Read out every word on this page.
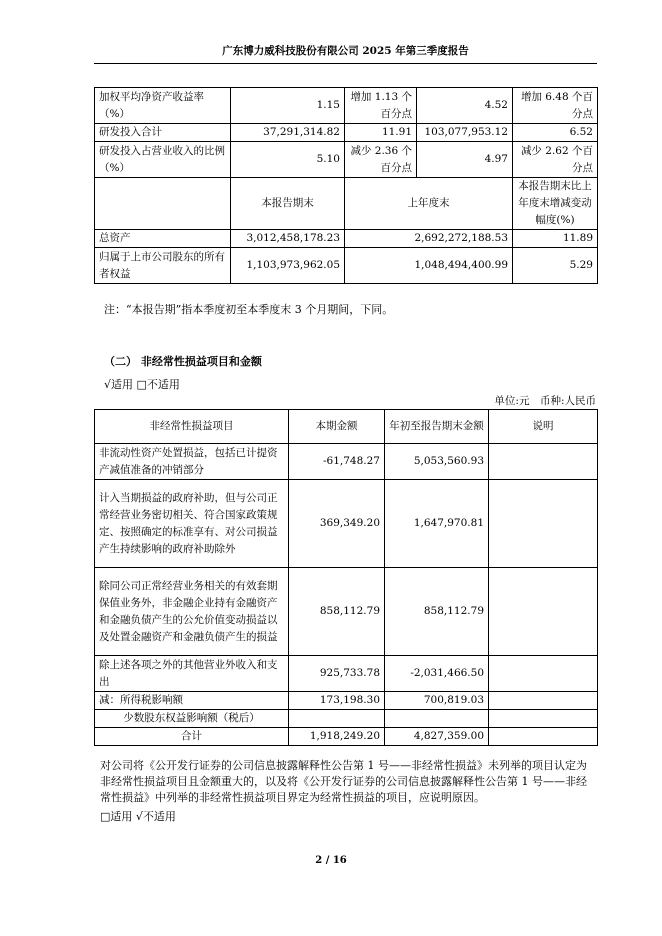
广东博力威科技股份有限公司 2025 年第三季度报告
加权平均净资产收益率（%）	1.15	增加 1.13 个百分点	4.52	增加 6.48 个百分点
研发投入合计	37,291,314.82	11.91	103,077,953.12	6.52
研发投入占营业收入的比例（%）	5.10	减少 2.36 个百分点	4.97	减少 2.62 个百分点
	本报告期末	上年度末		本报告期末比上年度末增减变动幅度(%)
总资产	3,012,458,178.23	2,692,272,188.53		11.89
归属于上市公司股东的所有者权益	1,103,973,962.05	1,048,494,400.99		5.29
注：“本报告期”指本季度初至本季度末 3 个月期间，下同。
（二） 非经常性损益项目和金额
√适用 □不适用
单位:元　币种:人民币
非经常性损益项目	本期金额	年初至报告期末金额	说明
非流动性资产处置损益，包括已计提资产减值准备的冲销部分	-61,748.27	5,053,560.93	
计入当期损益的政府补助，但与公司正常经营业务密切相关、符合国家政策规定、按照确定的标准享有、对公司损益产生持续影响的政府补助除外	369,349.20	1,647,970.81	
除同公司正常经营业务相关的有效套期保值业务外，非金融企业持有金融资产和金融负债产生的公允价值变动损益以及处置金融资产和金融负债产生的损益	858,112.79	858,112.79	
除上述各项之外的其他营业外收入和支出	925,733.78	-2,031,466.50	
减：所得税影响额	173,198.30	700,819.03	
少数股东权益影响额（税后）			
合计	1,918,249.20	4,827,359.00	
对公司将《公开发行证券的公司信息披露解释性公告第 1 号——非经常性损益》未列举的项目认定为非经常性损益项目且金额重大的，以及将《公开发行证券的公司信息披露解释性公告第 1 号——非经常性损益》中列举的非经常性损益项目界定为经常性损益的项目，应说明原因。
□适用 √不适用
2 / 16
